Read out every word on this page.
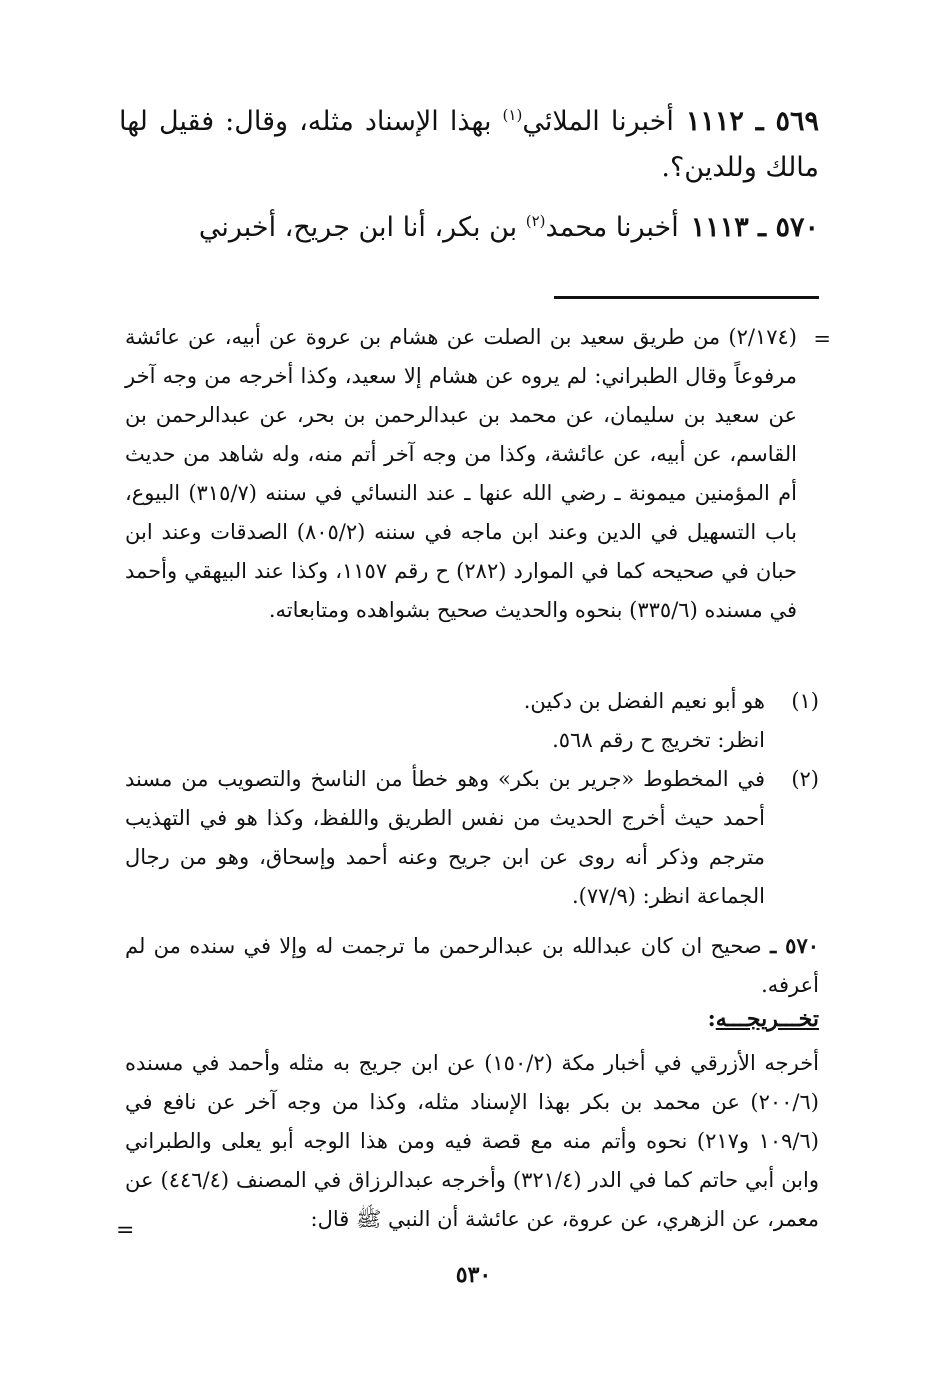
٥٦٩ ـ ١١١٢أخبرنا الملائي$^{(١)}$ بهذا الإسناد مثله، وقال: فقيل لها مالك وللدين؟.
٥٧٠ ـ ١١١٣أخبرنا محمد$^{(٢)}$ بن بكر، أنا ابن جريح، أخبرني
=
(٢/١٧٤) من طريق سعيد بن الصلت عن هشام بن عروة عن أبيه، عن عائشة مرفوعاً وقال الطبراني: لم يروه عن هشام إلا سعيد، وكذا أخرجه من وجه آخر عن سعيد بن سليمان، عن محمد بن عبدالرحمن بن بحر، عن عبدالرحمن بن القاسم، عن أبيه، عن عائشة، وكذا من وجه آخر أتم منه، وله شاهد من حديث أم المؤمنين ميمونة ـ رضي الله عنها ـ عند النسائي في سننه (٣١٥/٧) البيوع، باب التسهيل في الدين وعند ابن ماجه في سننه (٨٠٥/٢) الصدقات وعند ابن حبان في صحيحه كما في الموارد (٢٨٢) ح رقم ١١٥٧، وكذا عند البيهقي وأحمد في مسنده (٣٣٥/٦) بنحوه والحديث صحيح بشواهده ومتابعاته.
(١)
هو أبو نعيم الفضل بن دكين.
انظر: تخريج ح رقم ٥٦٨.
(٢)
في المخطوط «جرير بن بكر» وهو خطأ من الناسخ والتصويب من مسند أحمد حيث أخرج الحديث من نفس الطريق واللفظ، وكذا هو في التهذيب مترجم وذكر أنه روى عن ابن جريح وعنه أحمد وإسحاق، وهو من رجال الجماعة انظر: (٧٧/٩).
٥٧٠ ـ صحيح ان كان عبدالله بن عبدالرحمن ما ترجمت له وإلا في سنده من لم أعرفه.
تخـــريجـــه:
أخرجه الأزرقي في أخبار مكة (١٥٠/٢) عن ابن جريج به مثله وأحمد في مسنده (٢٠٠/٦) عن محمد بن بكر بهذا الإسناد مثله، وكذا من وجه آخر عن نافع في (١٠٩/٦ و٢١٧) نحوه وأتم منه مع قصة فيه ومن هذا الوجه أبو يعلى والطبراني وابن أبي حاتم كما في الدر (٣٢١/٤) وأخرجه عبدالرزاق في المصنف (٤٤٦/٤) عن معمر، عن الزهري، عن عروة، عن عائشة أن النبي ﷺ قال:
=
٥٣٠
